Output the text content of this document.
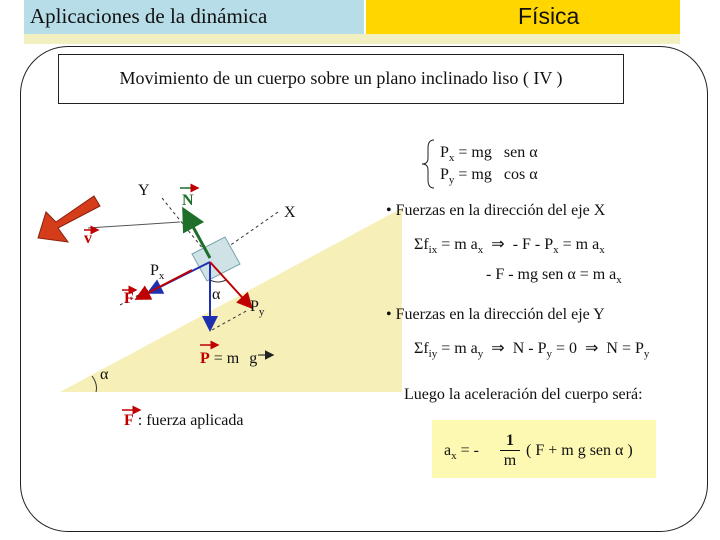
Aplicaciones de la dinámica	Física
Movimiento de un cuerpo sobre un plano inclinado liso ( IV )
Y
N
X
v
$P_x$
F	α
$P_y$
α
P = m g
F : fuerza aplicada
$P_x$ = mg   sen α
$P_y$ = mg   cos α
• Fuerzas en la dirección del eje X
$\Sigma f_{ix} = m$ $a_x$  ⇒  - $F - P_x = m$ $a_x$
- F - mg sen α = m $a_x$
• Fuerzas en la dirección del eje Y
$\Sigma f_{iy} = m$ $a_y$  ⇒  $N - P_y = 0$  ⇒  $N = P_y$
Luego la aceleración del cuerpo será:
$a_x$ = -
1
m
( F + m g sen α )
